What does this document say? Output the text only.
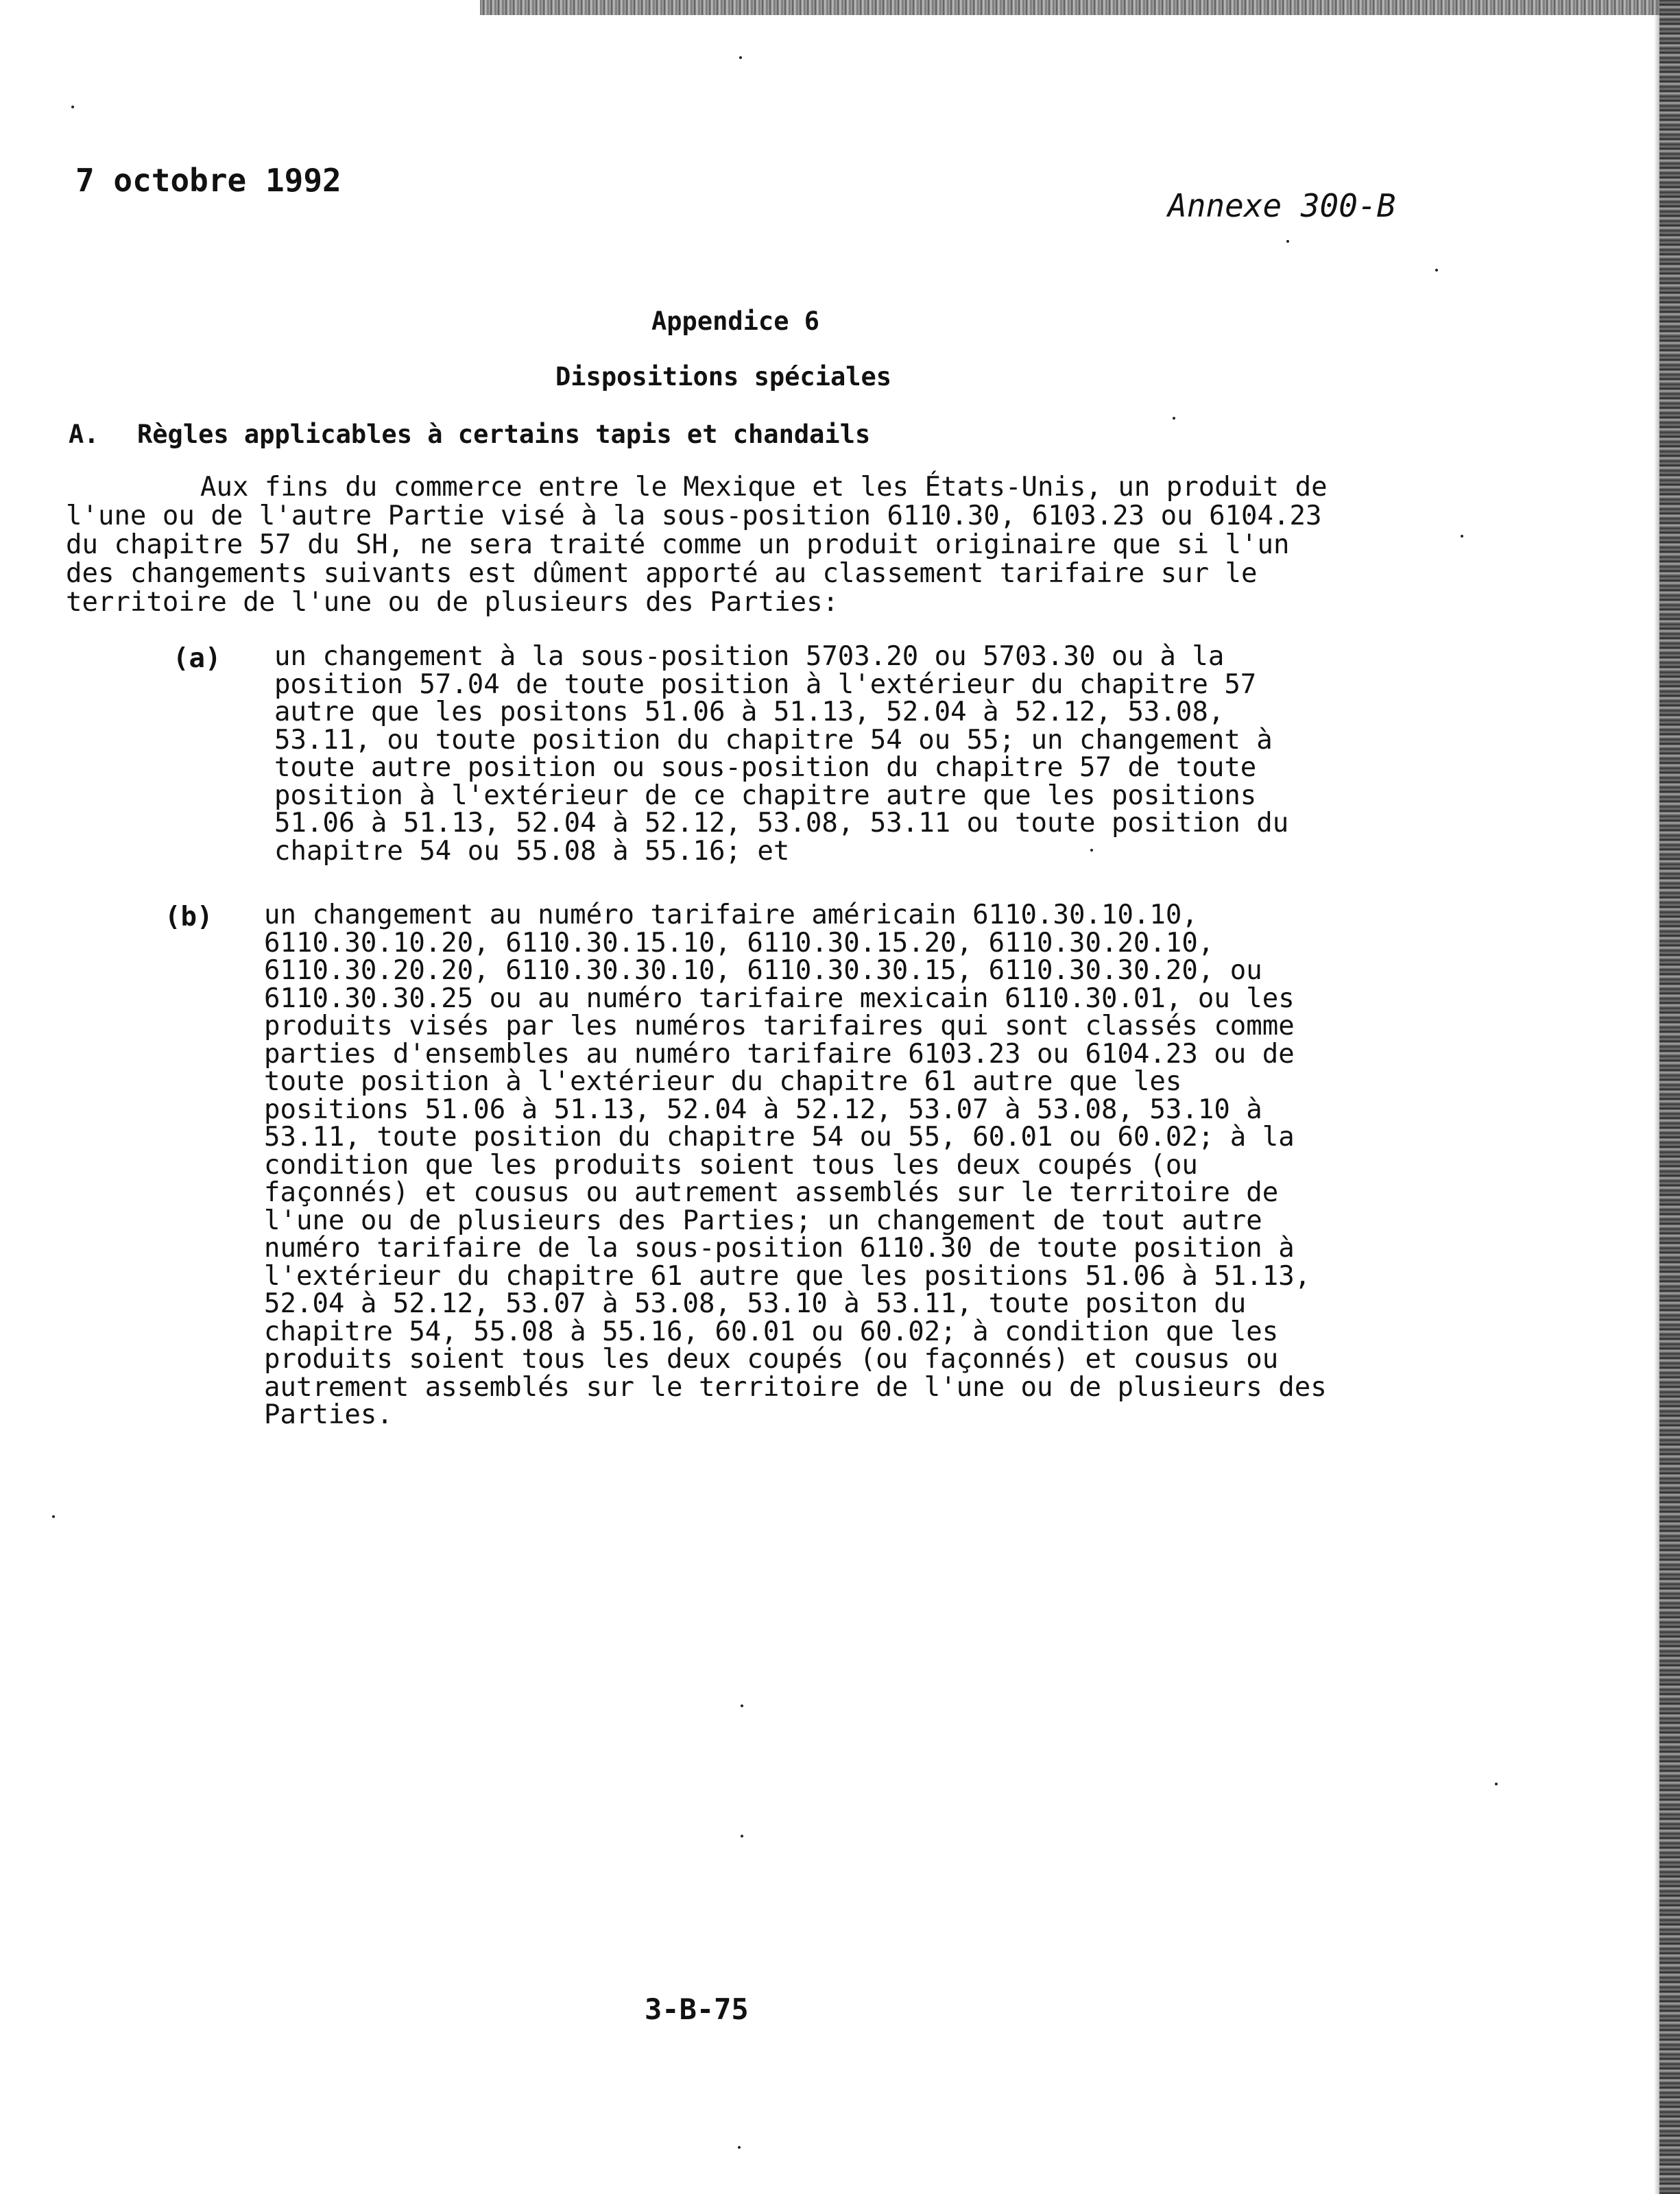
7 octobre 1992
Annexe 300-B
Appendice 6
Dispositions spéciales
A. Règles applicables à certains tapis et chandails
Aux fins du commerce entre le Mexique et les États-Unis, un produit de
l'une ou de l'autre Partie visé à la sous-position 6110.30, 6103.23 ou 6104.23
du chapitre 57 du SH, ne sera traité comme un produit originaire que si l'un
des changements suivants est dûment apporté au classement tarifaire sur le
territoire de l'une ou de plusieurs des Parties:
(a) un changement à la sous-position 5703.20 ou 5703.30 ou à la
position 57.04 de toute position à l'extérieur du chapitre 57
autre que les positons 51.06 à 51.13, 52.04 à 52.12, 53.08,
53.11, ou toute position du chapitre 54 ou 55; un changement à
toute autre position ou sous-position du chapitre 57 de toute
position à l'extérieur de ce chapitre autre que les positions
51.06 à 51.13, 52.04 à 52.12, 53.08, 53.11 ou toute position du
chapitre 54 ou 55.08 à 55.16; et
(b) un changement au numéro tarifaire américain 6110.30.10.10,
6110.30.10.20, 6110.30.15.10, 6110.30.15.20, 6110.30.20.10,
6110.30.20.20, 6110.30.30.10, 6110.30.30.15, 6110.30.30.20, ou
6110.30.30.25 ou au numéro tarifaire mexicain 6110.30.01, ou les
produits visés par les numéros tarifaires qui sont classés comme
parties d'ensembles au numéro tarifaire 6103.23 ou 6104.23 ou de
toute position à l'extérieur du chapitre 61 autre que les
positions 51.06 à 51.13, 52.04 à 52.12, 53.07 à 53.08, 53.10 à
53.11, toute position du chapitre 54 ou 55, 60.01 ou 60.02; à la
condition que les produits soient tous les deux coupés (ou
façonnés) et cousus ou autrement assemblés sur le territoire de
l'une ou de plusieurs des Parties; un changement de tout autre
numéro tarifaire de la sous-position 6110.30 de toute position à
l'extérieur du chapitre 61 autre que les positions 51.06 à 51.13,
52.04 à 52.12, 53.07 à 53.08, 53.10 à 53.11, toute positon du
chapitre 54, 55.08 à 55.16, 60.01 ou 60.02; à condition que les
produits soient tous les deux coupés (ou façonnés) et cousus ou
autrement assemblés sur le territoire de l'une ou de plusieurs des
Parties.
3-B-75
